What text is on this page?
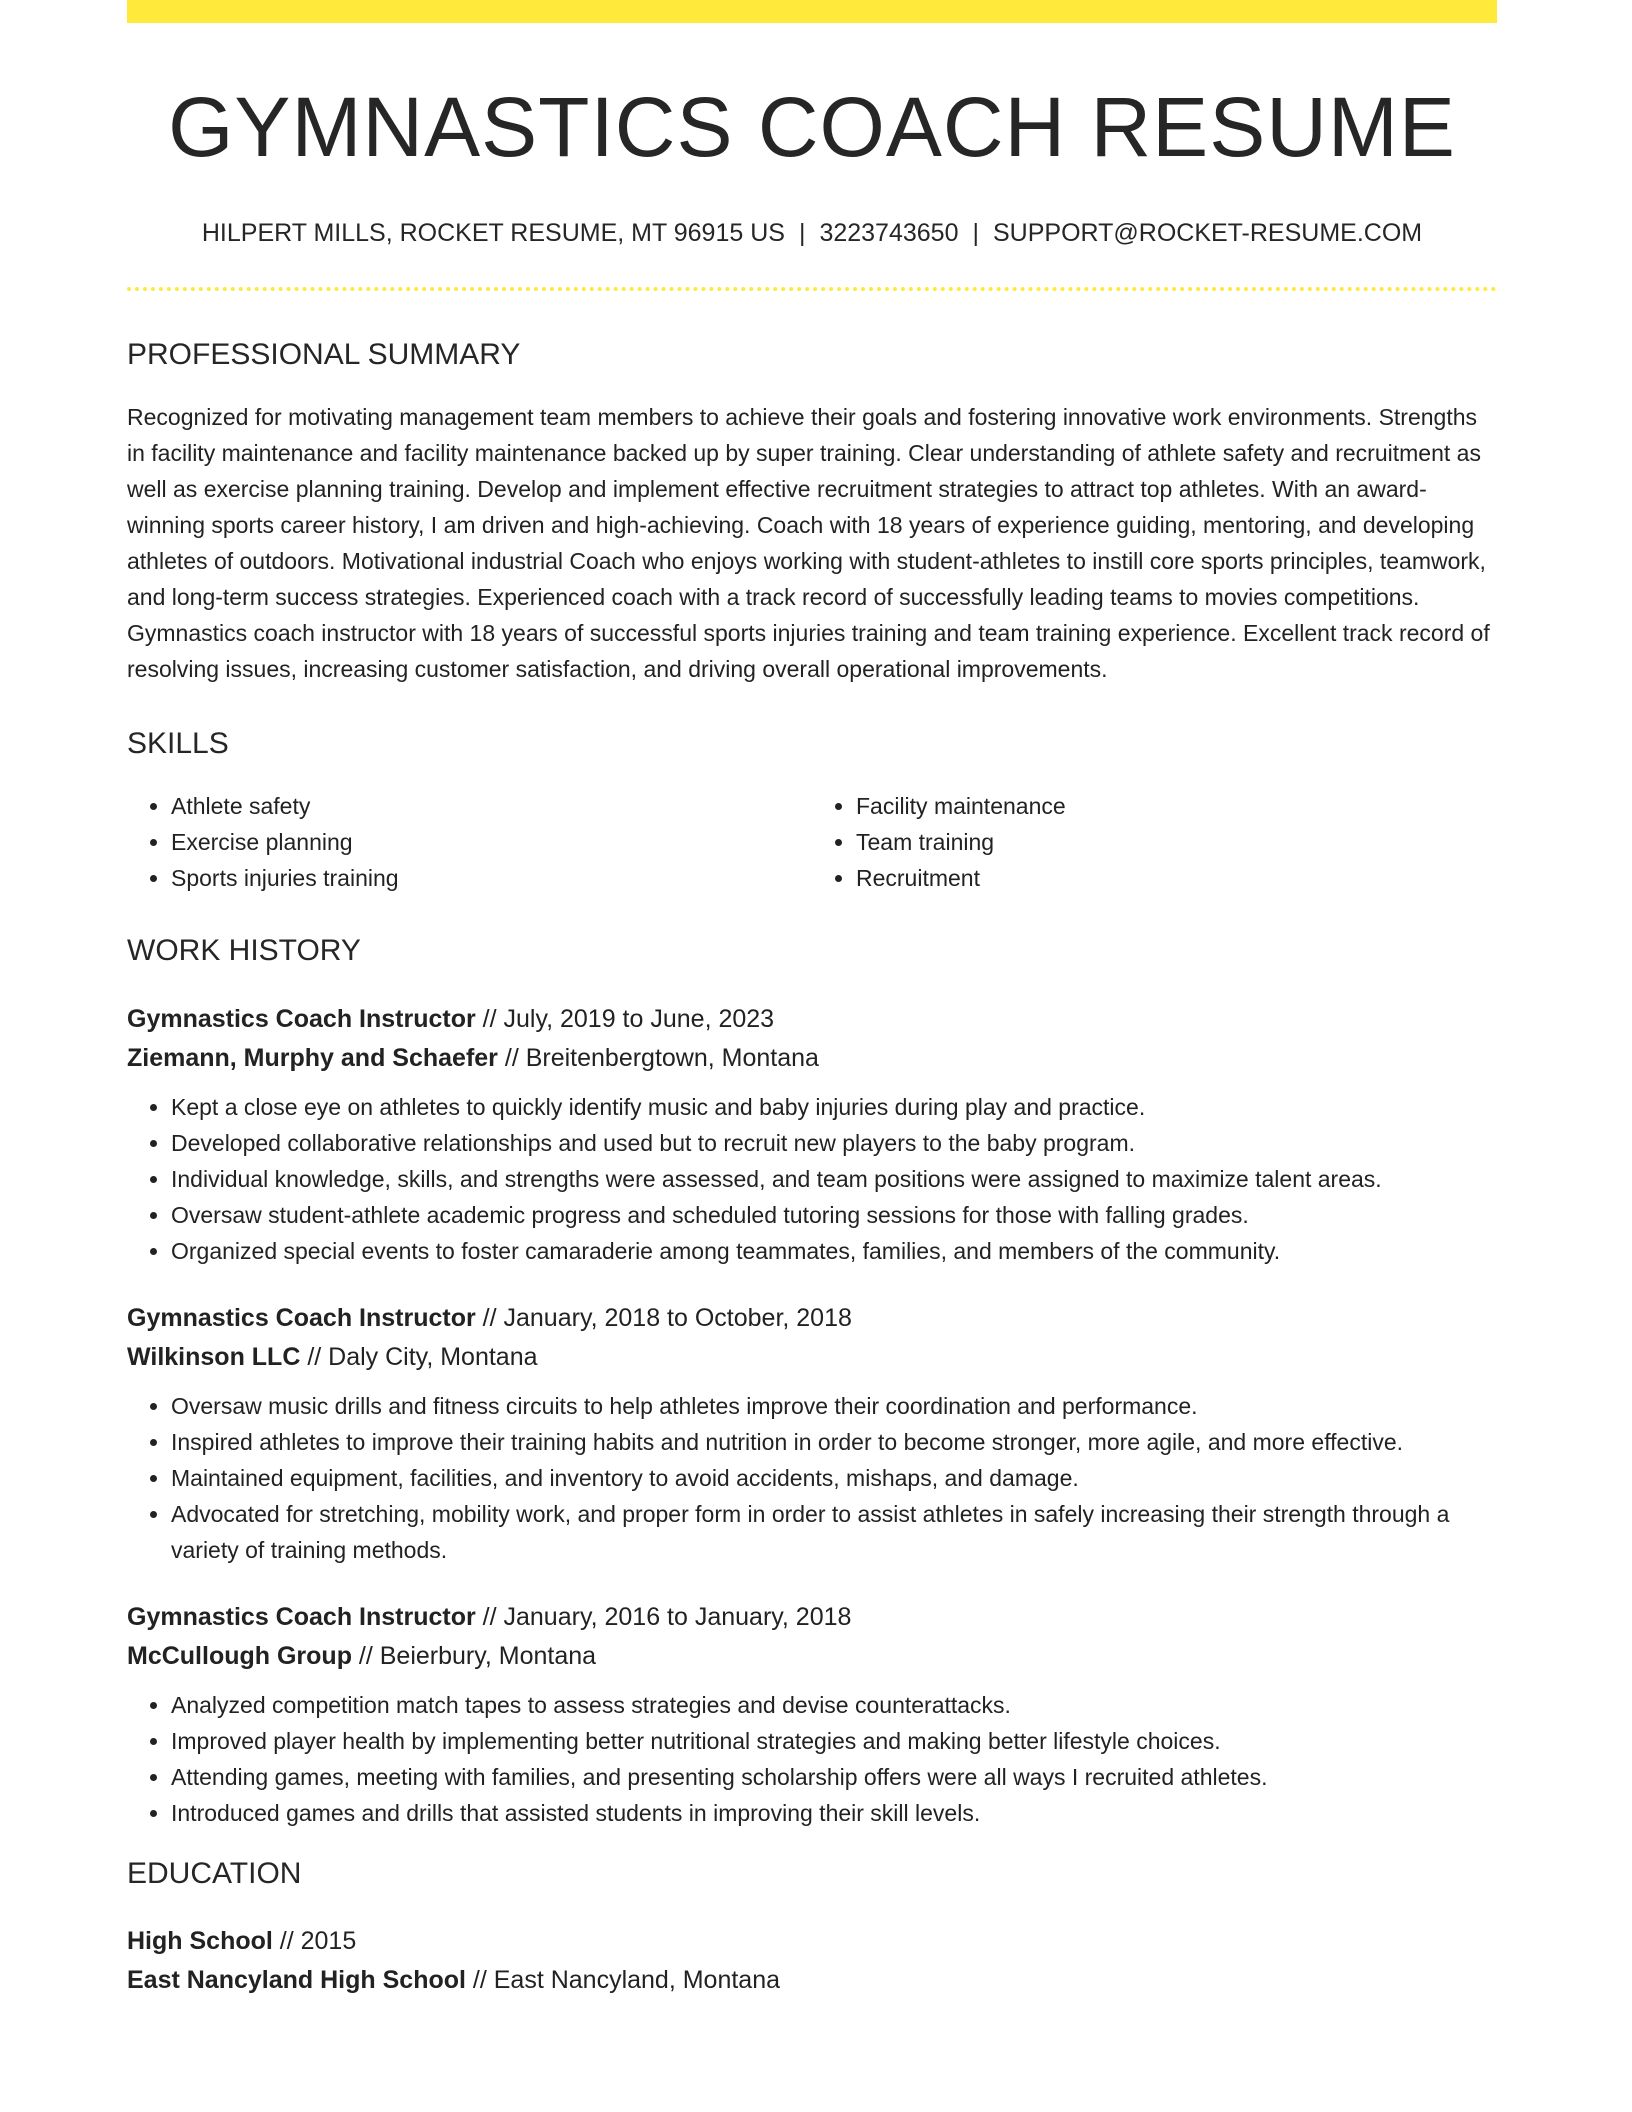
GYMNASTICS COACH RESUME
HILPERT MILLS, ROCKET RESUME, MT 96915 US | 3223743650 | SUPPORT@ROCKET-RESUME.COM
PROFESSIONAL SUMMARY
Recognized for motivating management team members to achieve their goals and fostering innovative work environments. Strengths in facility maintenance and facility maintenance backed up by super training. Clear understanding of athlete safety and recruitment as well as exercise planning training. Develop and implement effective recruitment strategies to attract top athletes. With an award-winning sports career history, I am driven and high-achieving. Coach with 18 years of experience guiding, mentoring, and developing athletes of outdoors. Motivational industrial Coach who enjoys working with student-athletes to instill core sports principles, teamwork, and long-term success strategies. Experienced coach with a track record of successfully leading teams to movies competitions. Gymnastics coach instructor with 18 years of successful sports injuries training and team training experience. Excellent track record of resolving issues, increasing customer satisfaction, and driving overall operational improvements.
SKILLS
• Athlete safety
• Exercise planning
• Sports injuries training
• Facility maintenance
• Team training
• Recruitment
WORK HISTORY
Gymnastics Coach Instructor // July, 2019 to June, 2023
Ziemann, Murphy and Schaefer // Breitenbergtown, Montana
• Kept a close eye on athletes to quickly identify music and baby injuries during play and practice.
• Developed collaborative relationships and used but to recruit new players to the baby program.
• Individual knowledge, skills, and strengths were assessed, and team positions were assigned to maximize talent areas.
• Oversaw student-athlete academic progress and scheduled tutoring sessions for those with falling grades.
• Organized special events to foster camaraderie among teammates, families, and members of the community.
Gymnastics Coach Instructor // January, 2018 to October, 2018
Wilkinson LLC // Daly City, Montana
• Oversaw music drills and fitness circuits to help athletes improve their coordination and performance.
• Inspired athletes to improve their training habits and nutrition in order to become stronger, more agile, and more effective.
• Maintained equipment, facilities, and inventory to avoid accidents, mishaps, and damage.
• Advocated for stretching, mobility work, and proper form in order to assist athletes in safely increasing their strength through a variety of training methods.
Gymnastics Coach Instructor // January, 2016 to January, 2018
McCullough Group // Beierbury, Montana
• Analyzed competition match tapes to assess strategies and devise counterattacks.
• Improved player health by implementing better nutritional strategies and making better lifestyle choices.
• Attending games, meeting with families, and presenting scholarship offers were all ways I recruited athletes.
• Introduced games and drills that assisted students in improving their skill levels.
EDUCATION
High School // 2015
East Nancyland High School // East Nancyland, Montana
